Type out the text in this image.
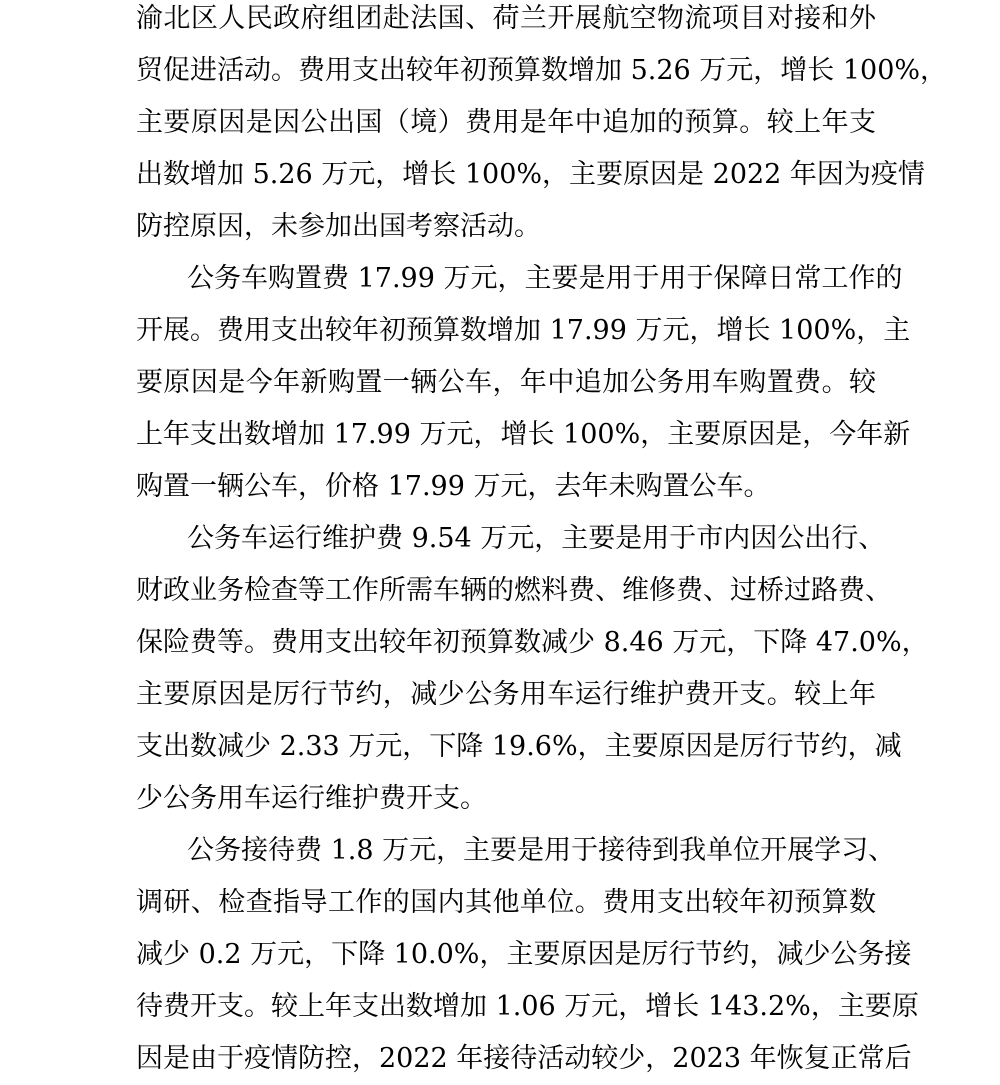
渝北区人民政府组团赴法国、荷兰开展航空物流项目对接和外
贸促进活动。费用支出较年初预算数增加 5.26 万元，增长 100%，
主要原因是因公出国（境）费用是年中追加的预算。较上年支
出数增加 5.26 万元，增长 100%，主要原因是 2022 年因为疫情
防控原因，未参加出国考察活动。
公务车购置费 17.99 万元，主要是用于用于保障日常工作的
开展。费用支出较年初预算数增加 17.99 万元，增长 100%，主
要原因是今年新购置一辆公车，年中追加公务用车购置费。较
上年支出数增加 17.99 万元，增长 100%，主要原因是，今年新
购置一辆公车，价格 17.99 万元，去年未购置公车。
公务车运行维护费 9.54 万元，主要是用于市内因公出行、
财政业务检查等工作所需车辆的燃料费、维修费、过桥过路费、
保险费等。费用支出较年初预算数减少 8.46 万元，下降 47.0%，
主要原因是厉行节约，减少公务用车运行维护费开支。较上年
支出数减少 2.33 万元，下降 19.6%，主要原因是厉行节约，减
少公务用车运行维护费开支。
公务接待费 1.8 万元，主要是用于接待到我单位开展学习、
调研、检查指导工作的国内其他单位。费用支出较年初预算数
减少 0.2 万元，下降 10.0%，主要原因是厉行节约，减少公务接
待费开支。较上年支出数增加 1.06 万元，增长 143.2%，主要原
因是由于疫情防控，2022 年接待活动较少，2023 年恢复正常后
